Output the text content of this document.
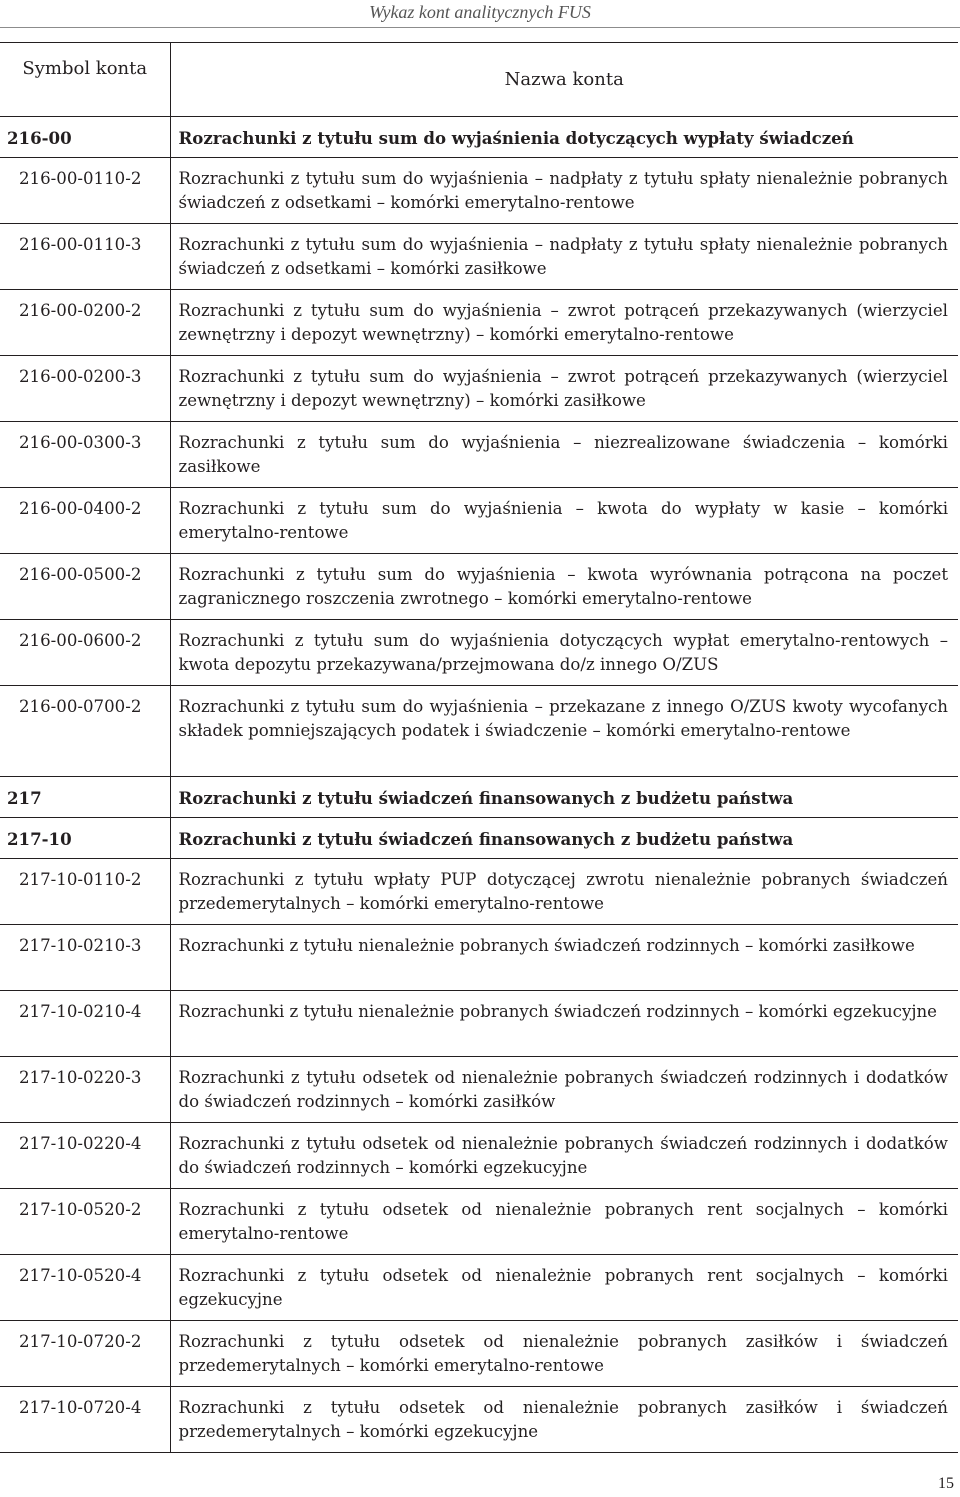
Wykaz kont analitycznych FUS
Symbol konta	Nazwa konta
216-00	Rozrachunki z tytułu sum do wyjaśnienia dotyczących wypłaty świadczeń
216-00-0110-2	Rozrachunki z tytułu sum do wyjaśnienia – nadpłaty z tytułu spłaty nienależnie pobranych świadczeń z odsetkami – komórki emerytalno-rentowe
216-00-0110-3	Rozrachunki z tytułu sum do wyjaśnienia – nadpłaty z tytułu spłaty nienależnie pobranych świadczeń z odsetkami – komórki zasiłkowe
216-00-0200-2	Rozrachunki z tytułu sum do wyjaśnienia – zwrot potrąceń przekazywanych (wierzyciel zewnętrzny i depozyt wewnętrzny) – komórki emerytalno-rentowe
216-00-0200-3	Rozrachunki z tytułu sum do wyjaśnienia – zwrot potrąceń przekazywanych (wierzyciel zewnętrzny i depozyt wewnętrzny) – komórki zasiłkowe
216-00-0300-3	Rozrachunki z tytułu sum do wyjaśnienia – niezrealizowane świadczenia – komórki zasiłkowe
216-00-0400-2	Rozrachunki z tytułu sum do wyjaśnienia – kwota do wypłaty w kasie – komórki emerytalno-rentowe
216-00-0500-2	Rozrachunki z tytułu sum do wyjaśnienia – kwota wyrównania potrącona na poczet zagranicznego roszczenia zwrotnego – komórki emerytalno-rentowe
216-00-0600-2	Rozrachunki z tytułu sum do wyjaśnienia dotyczących wypłat emerytalno-rentowych – kwota depozytu przekazywana/przejmowana do/z innego O/ZUS
216-00-0700-2	Rozrachunki z tytułu sum do wyjaśnienia – przekazane z innego O/ZUS kwoty wycofanych składek pomniejszających podatek i świadczenie – komórki emerytalno-rentowe
217	Rozrachunki z tytułu świadczeń finansowanych z budżetu państwa
217-10	Rozrachunki z tytułu świadczeń finansowanych z budżetu państwa
217-10-0110-2	Rozrachunki z tytułu wpłaty PUP dotyczącej zwrotu nienależnie pobranych świadczeń przedemerytalnych – komórki emerytalno-rentowe
217-10-0210-3	Rozrachunki z tytułu nienależnie pobranych świadczeń rodzinnych – komórki zasiłkowe
217-10-0210-4	Rozrachunki z tytułu nienależnie pobranych świadczeń rodzinnych – komórki egzekucyjne
217-10-0220-3	Rozrachunki z tytułu odsetek od nienależnie pobranych świadczeń rodzinnych i dodatków do świadczeń rodzinnych – komórki zasiłków
217-10-0220-4	Rozrachunki z tytułu odsetek od nienależnie pobranych świadczeń rodzinnych i dodatków do świadczeń rodzinnych – komórki egzekucyjne
217-10-0520-2	Rozrachunki z tytułu odsetek od nienależnie pobranych rent socjalnych – komórki emerytalno-rentowe
217-10-0520-4	Rozrachunki z tytułu odsetek od nienależnie pobranych rent socjalnych – komórki egzekucyjne
217-10-0720-2	Rozrachunki z tytułu odsetek od nienależnie pobranych zasiłków i świadczeń przedemerytalnych – komórki emerytalno-rentowe
217-10-0720-4	Rozrachunki z tytułu odsetek od nienależnie pobranych zasiłków i świadczeń przedemerytalnych – komórki egzekucyjne
15
